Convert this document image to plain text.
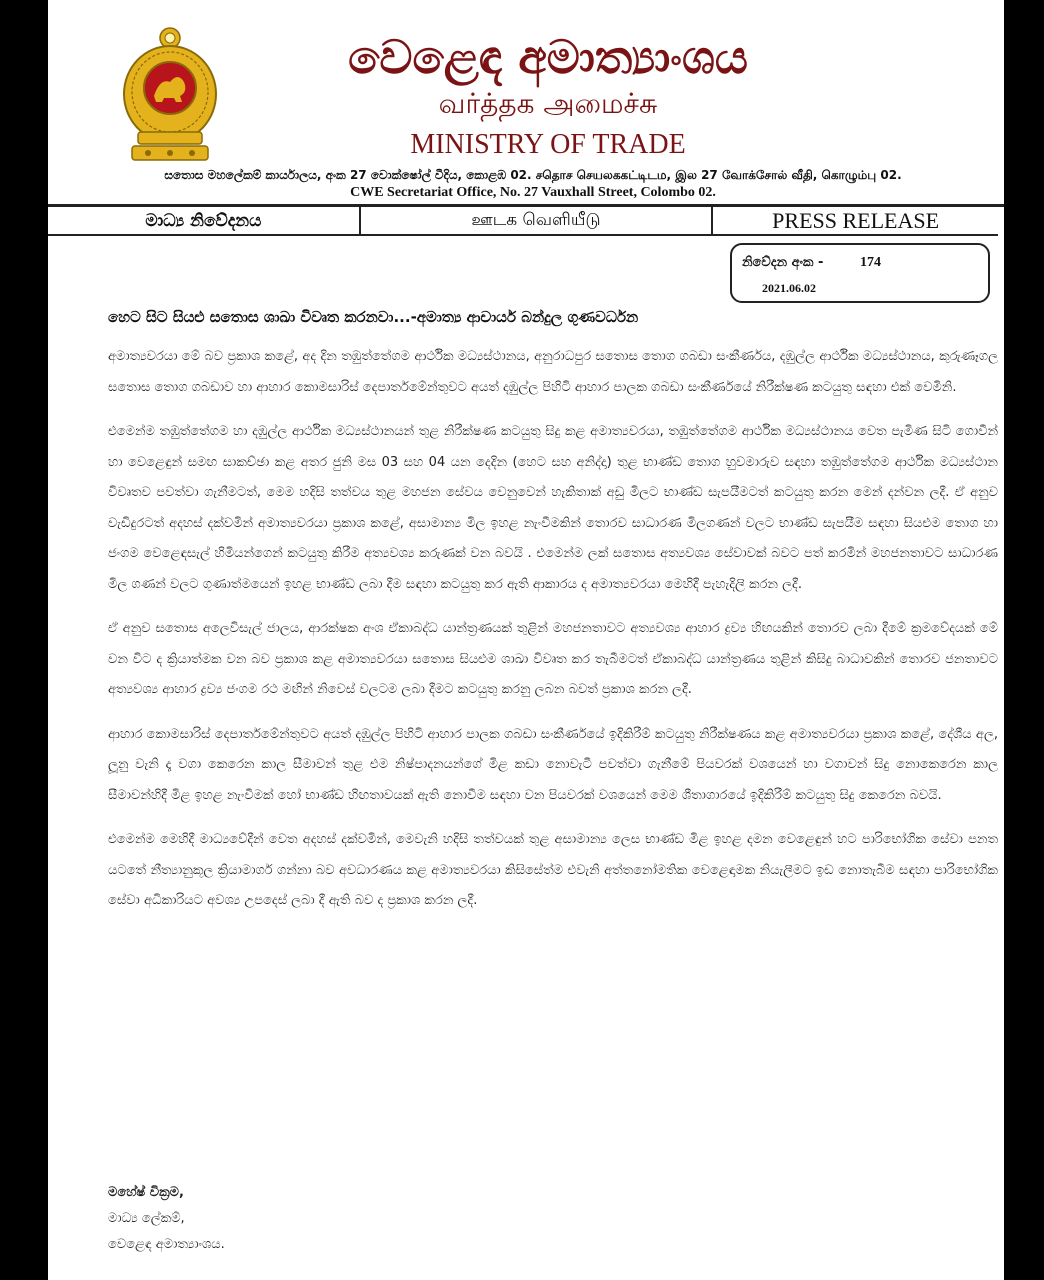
වෙළෙඳ අමාත්‍යාංශය
வர்த்தக அமைச்சு
MINISTRY OF TRADE
සතොස මහලේකම් කාර්යාලය, අංක 27 වොක්ෂෝල් වීදිය, කොළඹ 02. சதொச செயலககட்டிடம, இல 27 வோக்சோல் வீதி, கொழும்பு 02.
CWE Secretariat Office, No. 27 Vauxhall Street, Colombo 02.
මාධ්‍ය නිවේදනය	ஊடக வெளியீடு	PRESS RELEASE
නිවේදන අංක -	174
2021.06.02
හෙට සිට සියළු සතොස ශාඛා විවෘත කරනවා...-අමාත්‍ය ආචාර්ය බන්දුල ගුණවර්ධන

අමාත්‍යවරයා මේ බව ප්‍රකාශ කළේ, අද දින තඹුත්තේගම ආර්ථික මධ්‍යස්ථානය, අනුරාධපුර සතොස තොග ගබඩා සංකීර්ණය, දඹුල්ල ආර්ථික මධ්‍යස්ථානය, කුරුණෑගල සතොස තොග ගබඩාව හා ආහාර කොමසාරිස් දෙපාර්තමේන්තුවට අයත් දඹුල්ල පිහිටි ආහාර පාලක ගබඩා සංකීර්ණයේ නිරීක්ෂණ කටයුතු සඳහා එක් වෙමිනි.

එමෙන්ම තඹුත්තේගම හා දඹුල්ල ආර්ථික මධ්‍යස්ථානයන් තුළ නිරීක්ෂණ කටයුතු සිදු කළ අමාත්‍යවරයා, තඹුත්තේගම ආර්ථික මධ්‍යස්ථානය වෙත පැමිණ සිටි ගොවීන් හා වෙළෙඳුන් සමඟ සාකච්ඡා කළ අතර ජුනි මස 03 සහ 04 යන දෙදින (හෙට සහ අනිද්දා) තුළ භාණ්ඩ තොග හුවමාරුව සඳහා තඹුත්තේගම ආර්ථික මධ්‍යස්ථාන විවෘතව පවත්වා ගැනීමටත්, මෙම හදිසි තත්වය තුළ මහජන සේවය වෙනුවෙන් හැකිතාක් අඩු මිලට භාණ්ඩ සැපයීමටත් කටයුතු කරන මෙන් දන්වන ලදී. ඒ අනුව වැඩිදුරටත් අදහස් දක්වමින් අමාත්‍යවරයා ප්‍රකාශ කළේ, අසාමාන්‍ය මිල ඉහළ නැංවීමකින් තොරව සාධාරණ මිලගණන් වලට භාණ්ඩ සැපයීම සඳහා සියළුම තොග හා ජංගම වෙළෙඳසැල් හිමියන්ගෙන් කටයුතු කිරීම අත්‍යවශ්‍ය කරුණක් වන බවයි . එමෙන්ම ලක් සතොස අත්‍යවශ්‍ය සේවාවක් බවට පත් කරමින් මහජනතාවට සාධාරණ මිල ගණන් වලට ගුණාත්මයෙන් ඉහළ භාණ්ඩ ලබා දීම සඳහා කටයුතු කර ඇති ආකාරය ද අමාත්‍යවරයා මෙහිදී පැහැදිලි කරන ලදී.

ඒ අනුව සතොස අලෙවිසැල් ජාලය, ආරක්ෂක අංශ ඒකාබද්ධ යාන්ත්‍රණයක් තුළින් මහජනතාවට අත්‍යවශ්‍ය ආහාර ද්‍රව්‍ය හිඟයකින් තොරව ලබා දීමේ ක්‍රමවේදයක් මේ වන විට ද ක්‍රියාත්මක වන බව ප්‍රකාශ කළ අමාත්‍යවරයා සතොස සියළුම ශාඛා විවෘත කර තැබීමටත් ඒකාබද්ධ යාන්ත්‍රණය තුළින් කිසිදු බාධාවකින් තොරව ජනතාවට අත්‍යවශ්‍ය ආහාර ද්‍රව්‍ය ජංගම රථ මඟින් නිවෙස් වලටම ලබා දීමට කටයුතු කරනු ලබන බවත් ප්‍රකාශ කරන ලදී.

ආහාර කොමසාරිස් දෙපාර්තමේන්තුවට අයත් දඹුල්ල පිහිටි ආහාර පාලක ගබඩා සංකීර්ණයේ ඉදිකිරීම් කටයුතු නිරීක්ෂණය කළ අමාත්‍යවරයා ප්‍රකාශ කළේ, දේශීය අල, ලූනු වැනි දෑ වගා කෙරෙන කාල සීමාවන් තුළ එම නිෂ්පාදනයන්ගේ මිළ කඩා නොවැටී පවත්වා ගැනීමේ පියවරක් වශයෙන් හා වගාවන් සිදු නොකෙරෙන කාල සීමාවන්හිදී මිළ ඉහළ නැංවීමක් හෝ භාණ්ඩ හිඟතාවයක් ඇති නොවීම සඳහා වන පියවරක් වශයෙන් මෙම ශීතාගාරයේ ඉදිකිරීම් කටයුතු සිදු කෙරෙන බවයි.

එමෙන්ම මෙහිදී මාධ්‍යවේදීන් වෙත අදහස් දක්වමින්, මෙවැනි හදිසි තත්වයක් තුළ අසාමාන්‍ය ලෙස භාණ්ඩ මිළ ඉහළ දමන වෙළෙඳුන් හට පාරිභෝගික සේවා පනත යටතේ නීත්‍යානුකූල ක්‍රියාමාර්ග ගන්නා බව අවධාරණය කළ අමාත්‍යවරයා කිසිසේත්ම එවැනි අත්තනෝමතික වෙළෙඳාමක නියැලීමට ඉඩ නොතැබීම සඳහා පාරිභෝගික සේවා අධිකාරියට අවශ්‍ය උපදෙස් ලබා දී ඇති බව ද ප්‍රකාශ කරන ලදී.

මහේෂ් වික්‍රම,
මාධ්‍ය ලේකම්,
වෙළෙඳ අමාත්‍යාංශය.
